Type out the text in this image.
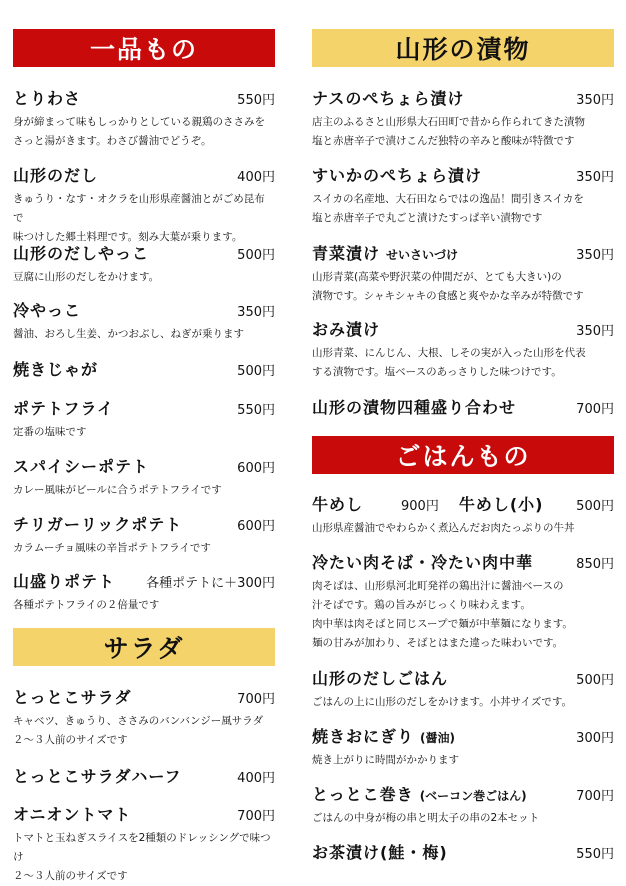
一品もの
とりわさ	550円
身が締まって味もしっかりとしている親鶏のささみを
さっと湯がきます。わさび醤油でどうぞ。
山形のだし	400円
きゅうり・なす・オクラを山形県産醤油とがごめ昆布で
味つけした郷土料理です。刻み大葉が乗ります。
山形のだしやっこ	500円
豆腐に山形のだしをかけます。
冷やっこ	350円
醤油、おろし生姜、かつおぶし、ねぎが乗ります
焼きじゃが	500円
ポテトフライ	550円
定番の塩味です
スパイシーポテト	600円
カレー風味がビールに合うポテトフライです
チリガーリックポテト	600円
カラムーチョ風味の辛旨ポテトフライです
山盛りポテト 各種ポテトに＋300円
各種ポテトフライの２倍量です
サラダ
とっとこサラダ	700円
キャベツ、きゅうり、ささみのバンバンジー風サラダ
２～３人前のサイズです
とっとこサラダハーフ	400円
オニオントマト	700円
トマトと玉ねぎスライスを2種類のドレッシングで味つけ
２～３人前のサイズです
山形の漬物
ナスのぺちょら漬け	350円
店主のふるさと山形県大石田町で昔から作られてきた漬物
塩と赤唐辛子で漬けこんだ独特の辛みと酸味が特徴です
すいかのぺちょら漬け	350円
スイカの名産地、大石田ならではの逸品！間引きスイカを
塩と赤唐辛子で丸ごと漬けたすっぱ辛い漬物です
青菜漬け せいさいづけ	350円
山形青菜(高菜や野沢菜の仲間だが、とても大きい)の
漬物です。シャキシャキの食感と爽やかな辛みが特徴です
おみ漬け	350円
山形青菜、にんじん、大根、しその実が入った山形を代表
する漬物です。塩ベースのあっさりした味つけです。
山形の漬物四種盛り合わせ	700円
ごはんもの
牛めし	900円 牛めし(小)	500円
山形県産醤油でやわらかく煮込んだお肉たっぷりの牛丼
冷たい肉そば・冷たい肉中華	850円
肉そばは、山形県河北町発祥の鶏出汁に醤油ベースの
汁そばです。鶏の旨みがじっくり味わえます。
肉中華は肉そばと同じスープで麺が中華麺になります。
麺の甘みが加わり、そばとはまた違った味わいです。
山形のだしごはん	500円
ごはんの上に山形のだしをかけます。小丼サイズです。
焼きおにぎり (醤油)	300円
焼き上がりに時間がかかります
とっとこ巻き (ベーコン巻ごはん)	700円
ごはんの中身が梅の串と明太子の串の2本セット
お茶漬け(鮭・梅)	550円
